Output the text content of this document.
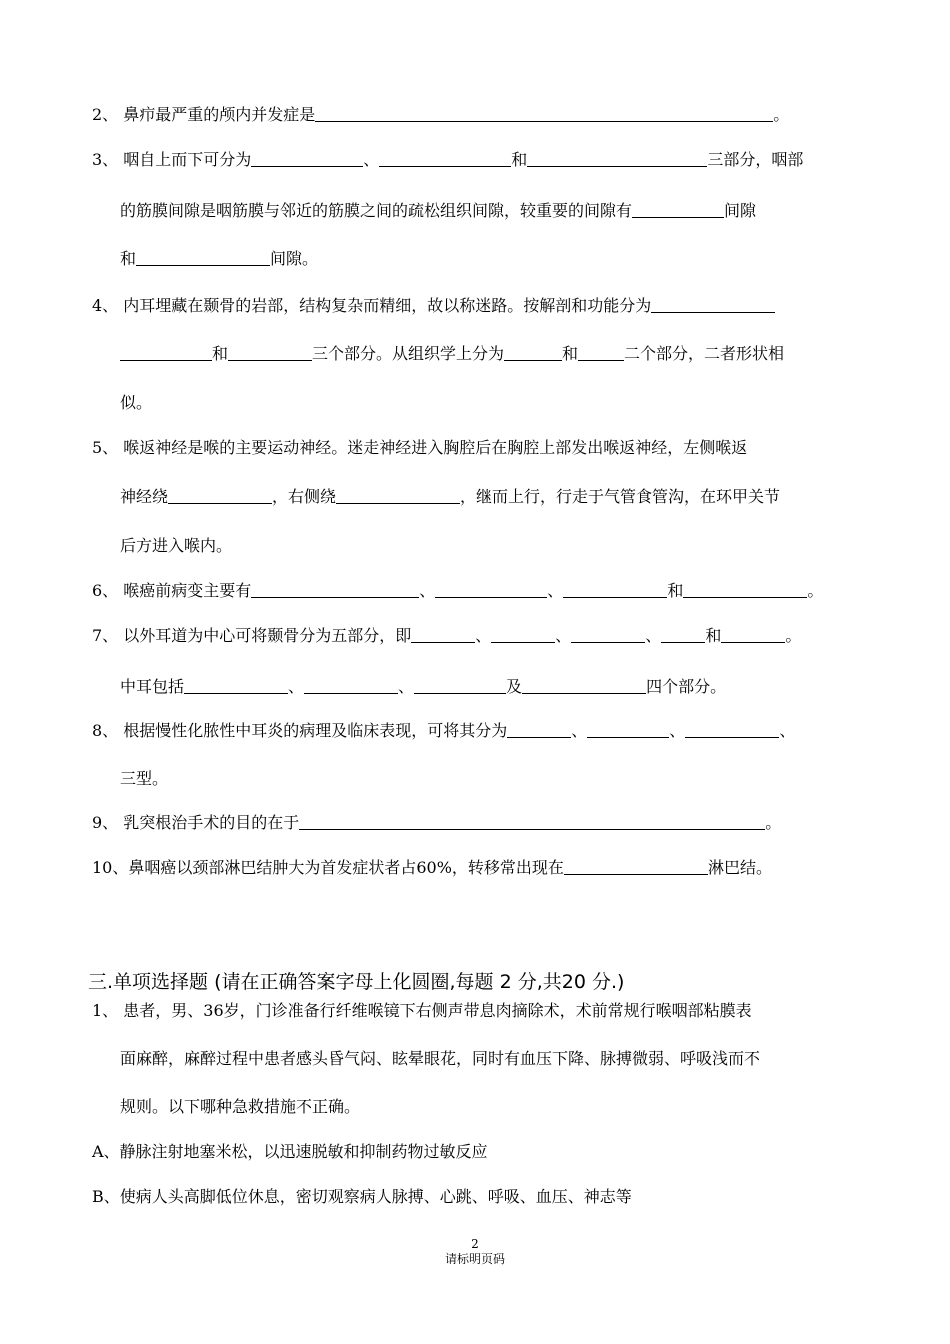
2、 鼻疖最严重的颅内并发症是	。
3、 咽自上而下可分为	、	和	三部分，咽部
的筋膜间隙是咽筋膜与邻近的筋膜之间的疏松组织间隙，较重要的间隙有	间隙
和	间隙。
4、 内耳埋藏在颞骨的岩部，结构复杂而精细，故以称迷路。按解剖和功能分为
和	三个部分。从组织学上分为	和	二个部分，二者形状相
似。
5、 喉返神经是喉的主要运动神经。迷走神经进入胸腔后在胸腔上部发出喉返神经，左侧喉返
神经绕	，右侧绕	，继而上行，行走于气管食管沟，在环甲关节
后方进入喉内。
6、 喉癌前病变主要有	、	、	和	。
7、 以外耳道为中心可将颞骨分为五部分，即	、	、	、	和	。
中耳包括	、	、	及	四个部分。
8、 根据慢性化脓性中耳炎的病理及临床表现，可将其分为	、	、	、
三型。
9、 乳突根治手术的目的在于	。
10、鼻咽癌以颈部淋巴结肿大为首发症状者占60%，转移常出现在	淋巴结。
三.单项选择题 (请在正确答案字母上化圆圈,每题 2 分,共20 分.)
1、 患者，男、36岁，门诊准备行纤维喉镜下右侧声带息肉摘除术，术前常规行喉咽部粘膜表
面麻醉，麻醉过程中患者感头昏气闷、眩晕眼花，同时有血压下降、脉搏微弱、呼吸浅而不
规则。以下哪种急救措施不正确。
A、静脉注射地塞米松，以迅速脱敏和抑制药物过敏反应
B、使病人头高脚低位休息，密切观察病人脉搏、心跳、呼吸、血压、神志等
2
请标明页码
